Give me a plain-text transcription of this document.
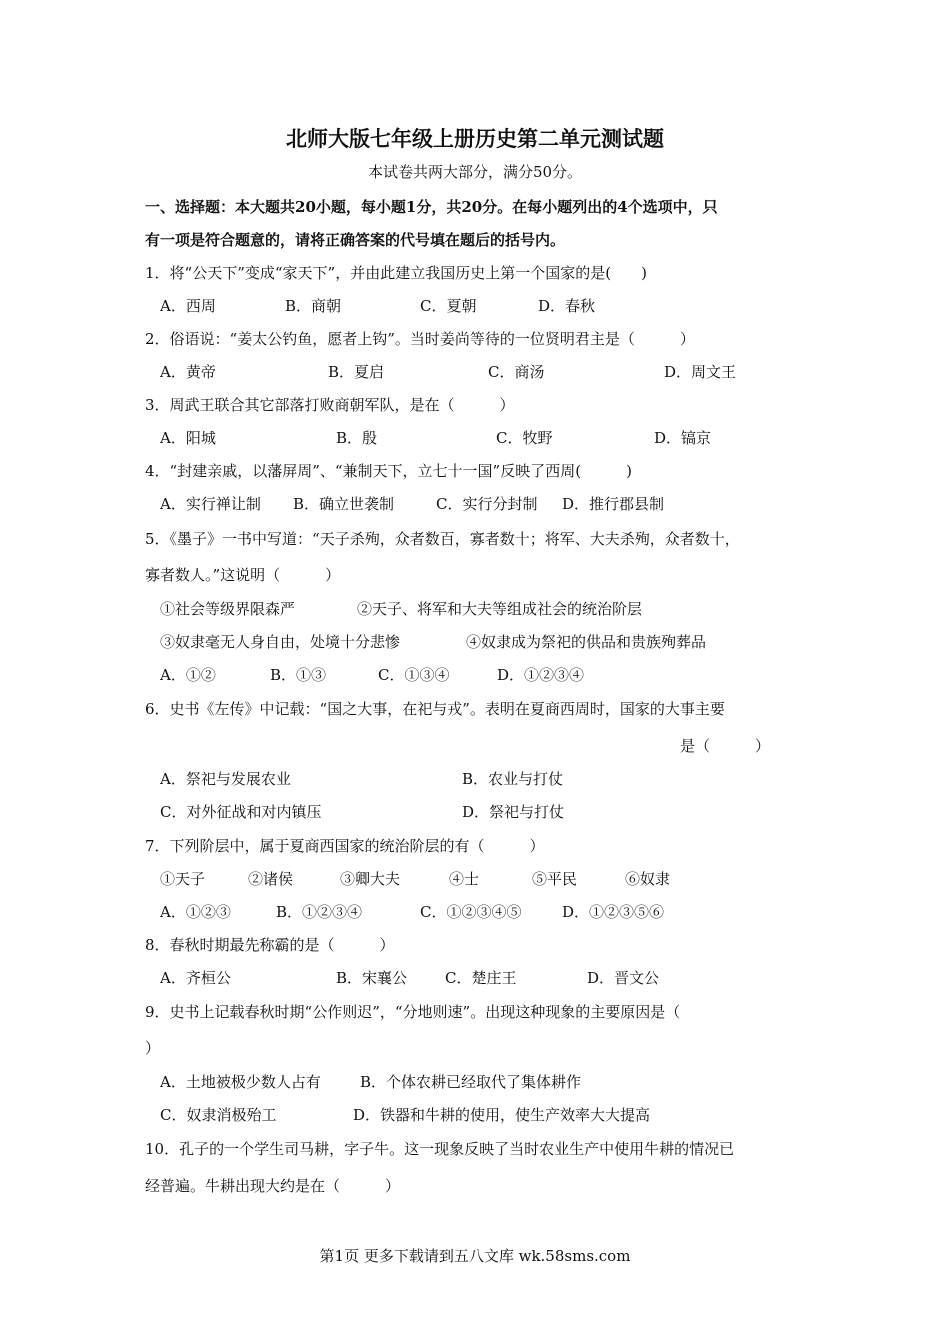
北师大版七年级上册历史第二单元测试题
本试卷共两大部分，满分50分。
一、选择题：本大题共20小题，每小题1分，共20分。在每小题列出的4个选项中，只
有一项是符合题意的，请将正确答案的代号填在题后的括号内。
1．将“公天下”变成“家天下”，并由此建立我国历史上第一个国家的是(　　)
A．西周	B．商朝	C．夏朝	D．春秋
2．俗语说：“姜太公钓鱼，愿者上钩”。当时姜尚等待的一位贤明君主是（　　　）
A．黄帝	B．夏启	C．商汤	D．周文王
3．周武王联合其它部落打败商朝军队，是在（　　　）
A．阳城	B．殷	C．牧野	D．镐京
4．“封建亲戚，以藩屏周”、“兼制天下，立七十一国”反映了西周(　　　)
A．实行禅让制 B．确立世袭制	C．实行分封制 D．推行郡县制
5．《墨子》一书中写道：“天子杀殉，众者数百，寡者数十；将军、大夫杀殉，众者数十，
寡者数人。”这说明（　　　）
①社会等级界限森严	②天子、将军和大夫等组成社会的统治阶层
③奴隶毫无人身自由，处境十分悲惨	④奴隶成为祭祀的供品和贵族殉葬品
A．①②	B．①③	C．①③④	D．①②③④
6．史书《左传》中记载：“国之大事，在祀与戎”。表明在夏商西周时，国家的大事主要
是（　　　）
A．祭祀与发展农业	B．农业与打仗
C．对外征战和对内镇压	D．祭祀与打仗
7．下列阶层中，属于夏商西国家的统治阶层的有（　　　）
①天子	②诸侯	③卿大夫	④士	⑤平民	⑥奴隶
A．①②③	B．①②③④	C．①②③④⑤	D．①②③⑤⑥
8．春秋时期最先称霸的是（　　　）
A．齐桓公	B．宋襄公	C．楚庄王	D．晋文公
9．史书上记载春秋时期“公作则迟”，“分地则速”。出现这种现象的主要原因是（
）
A．土地被极少数人占有	B．个体农耕已经取代了集体耕作
C．奴隶消极殆工	D．铁器和牛耕的使用，使生产效率大大提高
10．孔子的一个学生司马耕，字子牛。这一现象反映了当时农业生产中使用牛耕的情况已
经普遍。牛耕出现大约是在（　　　）
第1页 更多下载请到五八文库 wk.58sms.com
